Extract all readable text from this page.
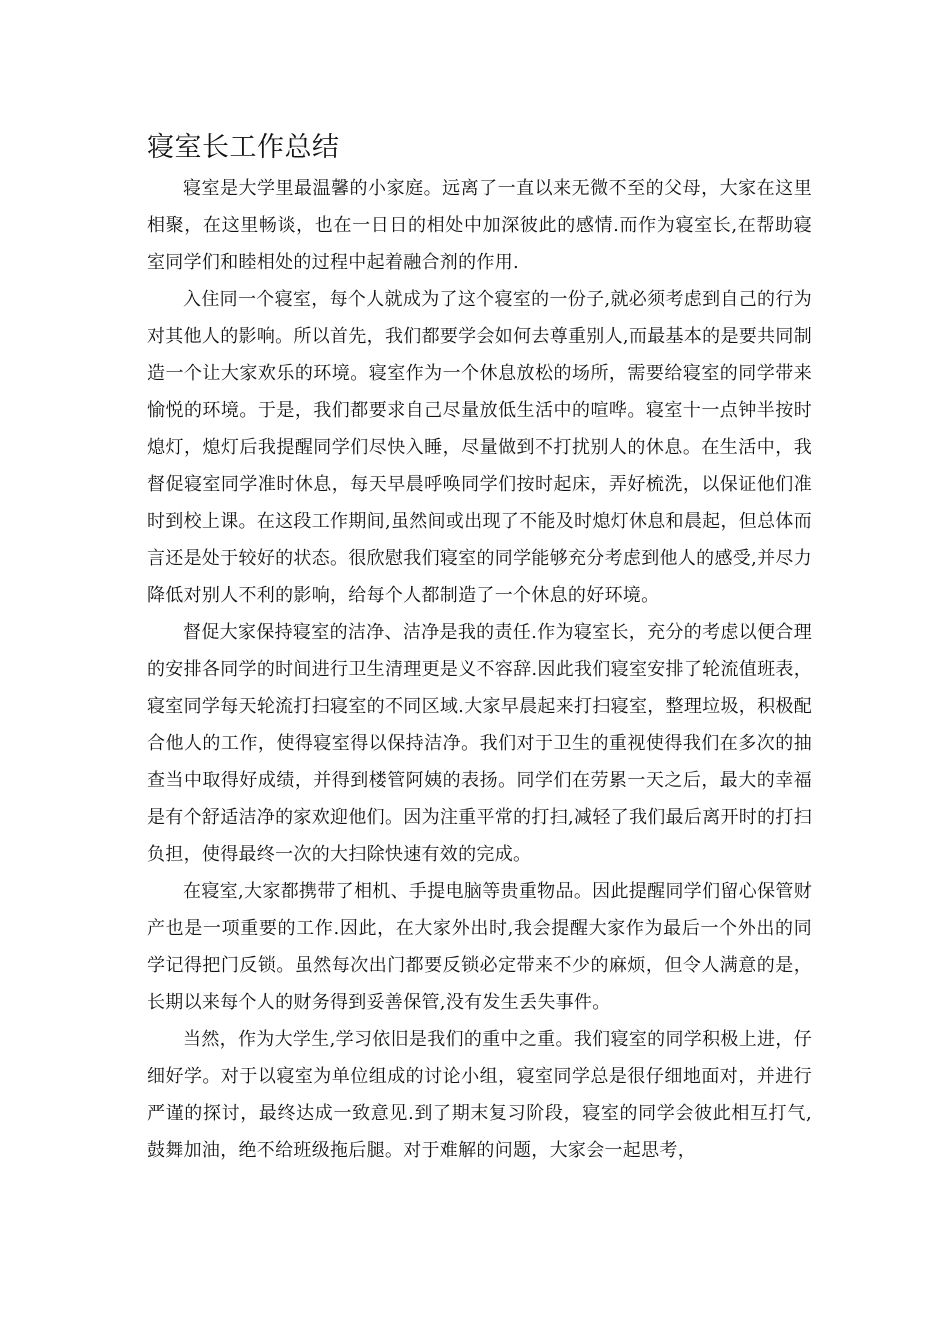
寝室长工作总结

寝室是大学里最温馨的小家庭。远离了一直以来无微不至的父母，大家在这里相聚，在这里畅谈，也在一日日的相处中加深彼此的感情.而作为寝室长,在帮助寝室同学们和睦相处的过程中起着融合剂的作用.

入住同一个寝室，每个人就成为了这个寝室的一份子,就必须考虑到自己的行为对其他人的影响。所以首先，我们都要学会如何去尊重别人,而最基本的是要共同制造一个让大家欢乐的环境。寝室作为一个休息放松的场所，需要给寝室的同学带来愉悦的环境。于是，我们都要求自己尽量放低生活中的喧哗。寝室十一点钟半按时熄灯，熄灯后我提醒同学们尽快入睡，尽量做到不打扰别人的休息。在生活中，我督促寝室同学准时休息，每天早晨呼唤同学们按时起床，弄好梳洗，以保证他们准时到校上课。在这段工作期间,虽然间或出现了不能及时熄灯休息和晨起，但总体而言还是处于较好的状态。很欣慰我们寝室的同学能够充分考虑到他人的感受,并尽力降低对别人不利的影响，给每个人都制造了一个休息的好环境。

督促大家保持寝室的洁净、洁净是我的责任.作为寝室长，充分的考虑以便合理的安排各同学的时间进行卫生清理更是义不容辞.因此我们寝室安排了轮流值班表，寝室同学每天轮流打扫寝室的不同区域.大家早晨起来打扫寝室，整理垃圾，积极配合他人的工作，使得寝室得以保持洁净。我们对于卫生的重视使得我们在多次的抽查当中取得好成绩，并得到楼管阿姨的表扬。同学们在劳累一天之后，最大的幸福是有个舒适洁净的家欢迎他们。因为注重平常的打扫,减轻了我们最后离开时的打扫负担，使得最终一次的大扫除快速有效的完成。

在寝室,大家都携带了相机、手提电脑等贵重物品。因此提醒同学们留心保管财产也是一项重要的工作.因此，在大家外出时,我会提醒大家作为最后一个外出的同学记得把门反锁。虽然每次出门都要反锁必定带来不少的麻烦，但令人满意的是，长期以来每个人的财务得到妥善保管,没有发生丢失事件。

当然，作为大学生,学习依旧是我们的重中之重。我们寝室的同学积极上进，仔细好学。对于以寝室为单位组成的讨论小组，寝室同学总是很仔细地面对，并进行严谨的探讨，最终达成一致意见.到了期末复习阶段，寝室的同学会彼此相互打气,鼓舞加油，绝不给班级拖后腿。对于难解的问题，大家会一起思考，
